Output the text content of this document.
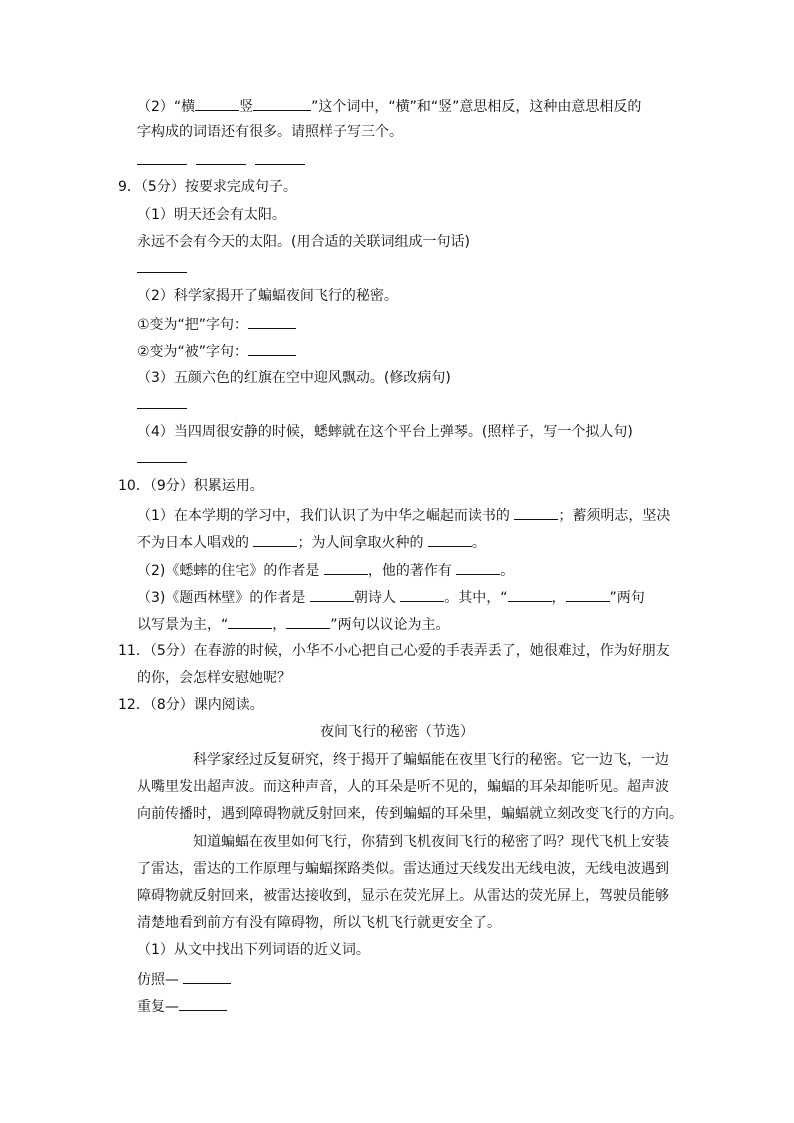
（2）“横	竖	”这个词中，“横”和“竖”意思相反，这种由意思相反的
字构成的词语还有很多。请照样子写三个。

9．（5分）按要求完成句子。
（1）明天还会有太阳。
永远不会有今天的太阳。(用合适的关联词组成一句话)
（2）科学家揭开了蝙蝠夜间飞行的秘密。
①变为“把”字句：
②变为“被”字句：
（3）五颜六色的红旗在空中迎风飘动。(修改病句)
（4）当四周很安静的时候，蟋蟀就在这个平台上弹琴。(照样子，写一个拟人句)
10．（9分）积累运用。
（1）在本学期的学习中，我们认识了为中华之崛起而读书的	；蓄须明志，坚决
不为日本人唱戏的	；为人间拿取火种的	。
（2)《蟋蟀的住宅》的作者是	，他的著作有	。
（3)《题西林壁》的作者是	朝诗人	。其中，“	，	”两句
以写景为主，“	，	”两句以议论为主。
11．（5分）在春游的时候，小华不小心把自己心爱的手表弄丢了，她很难过，作为好朋友
的你，会怎样安慰她呢？
12．（8分）课内阅读。
夜间飞行的秘密（节选）
科学家经过反复研究，终于揭开了蝙蝠能在夜里飞行的秘密。它一边飞，一边
从嘴里发出超声波。而这种声音，人的耳朵是听不见的，蝙蝠的耳朵却能听见。超声波
向前传播时，遇到障碍物就反射回来，传到蝙蝠的耳朵里，蝙蝠就立刻改变飞行的方向。
知道蝙蝠在夜里如何飞行，你猜到飞机夜间飞行的秘密了吗？现代飞机上安装
了雷达，雷达的工作原理与蝙蝠探路类似。雷达通过天线发出无线电波，无线电波遇到
障碍物就反射回来，被雷达接收到，显示在荧光屏上。从雷达的荧光屏上，驾驶员能够
清楚地看到前方有没有障碍物，所以飞机飞行就更安全了。
（1）从文中找出下列词语的近义词。
仿照—
重复—
